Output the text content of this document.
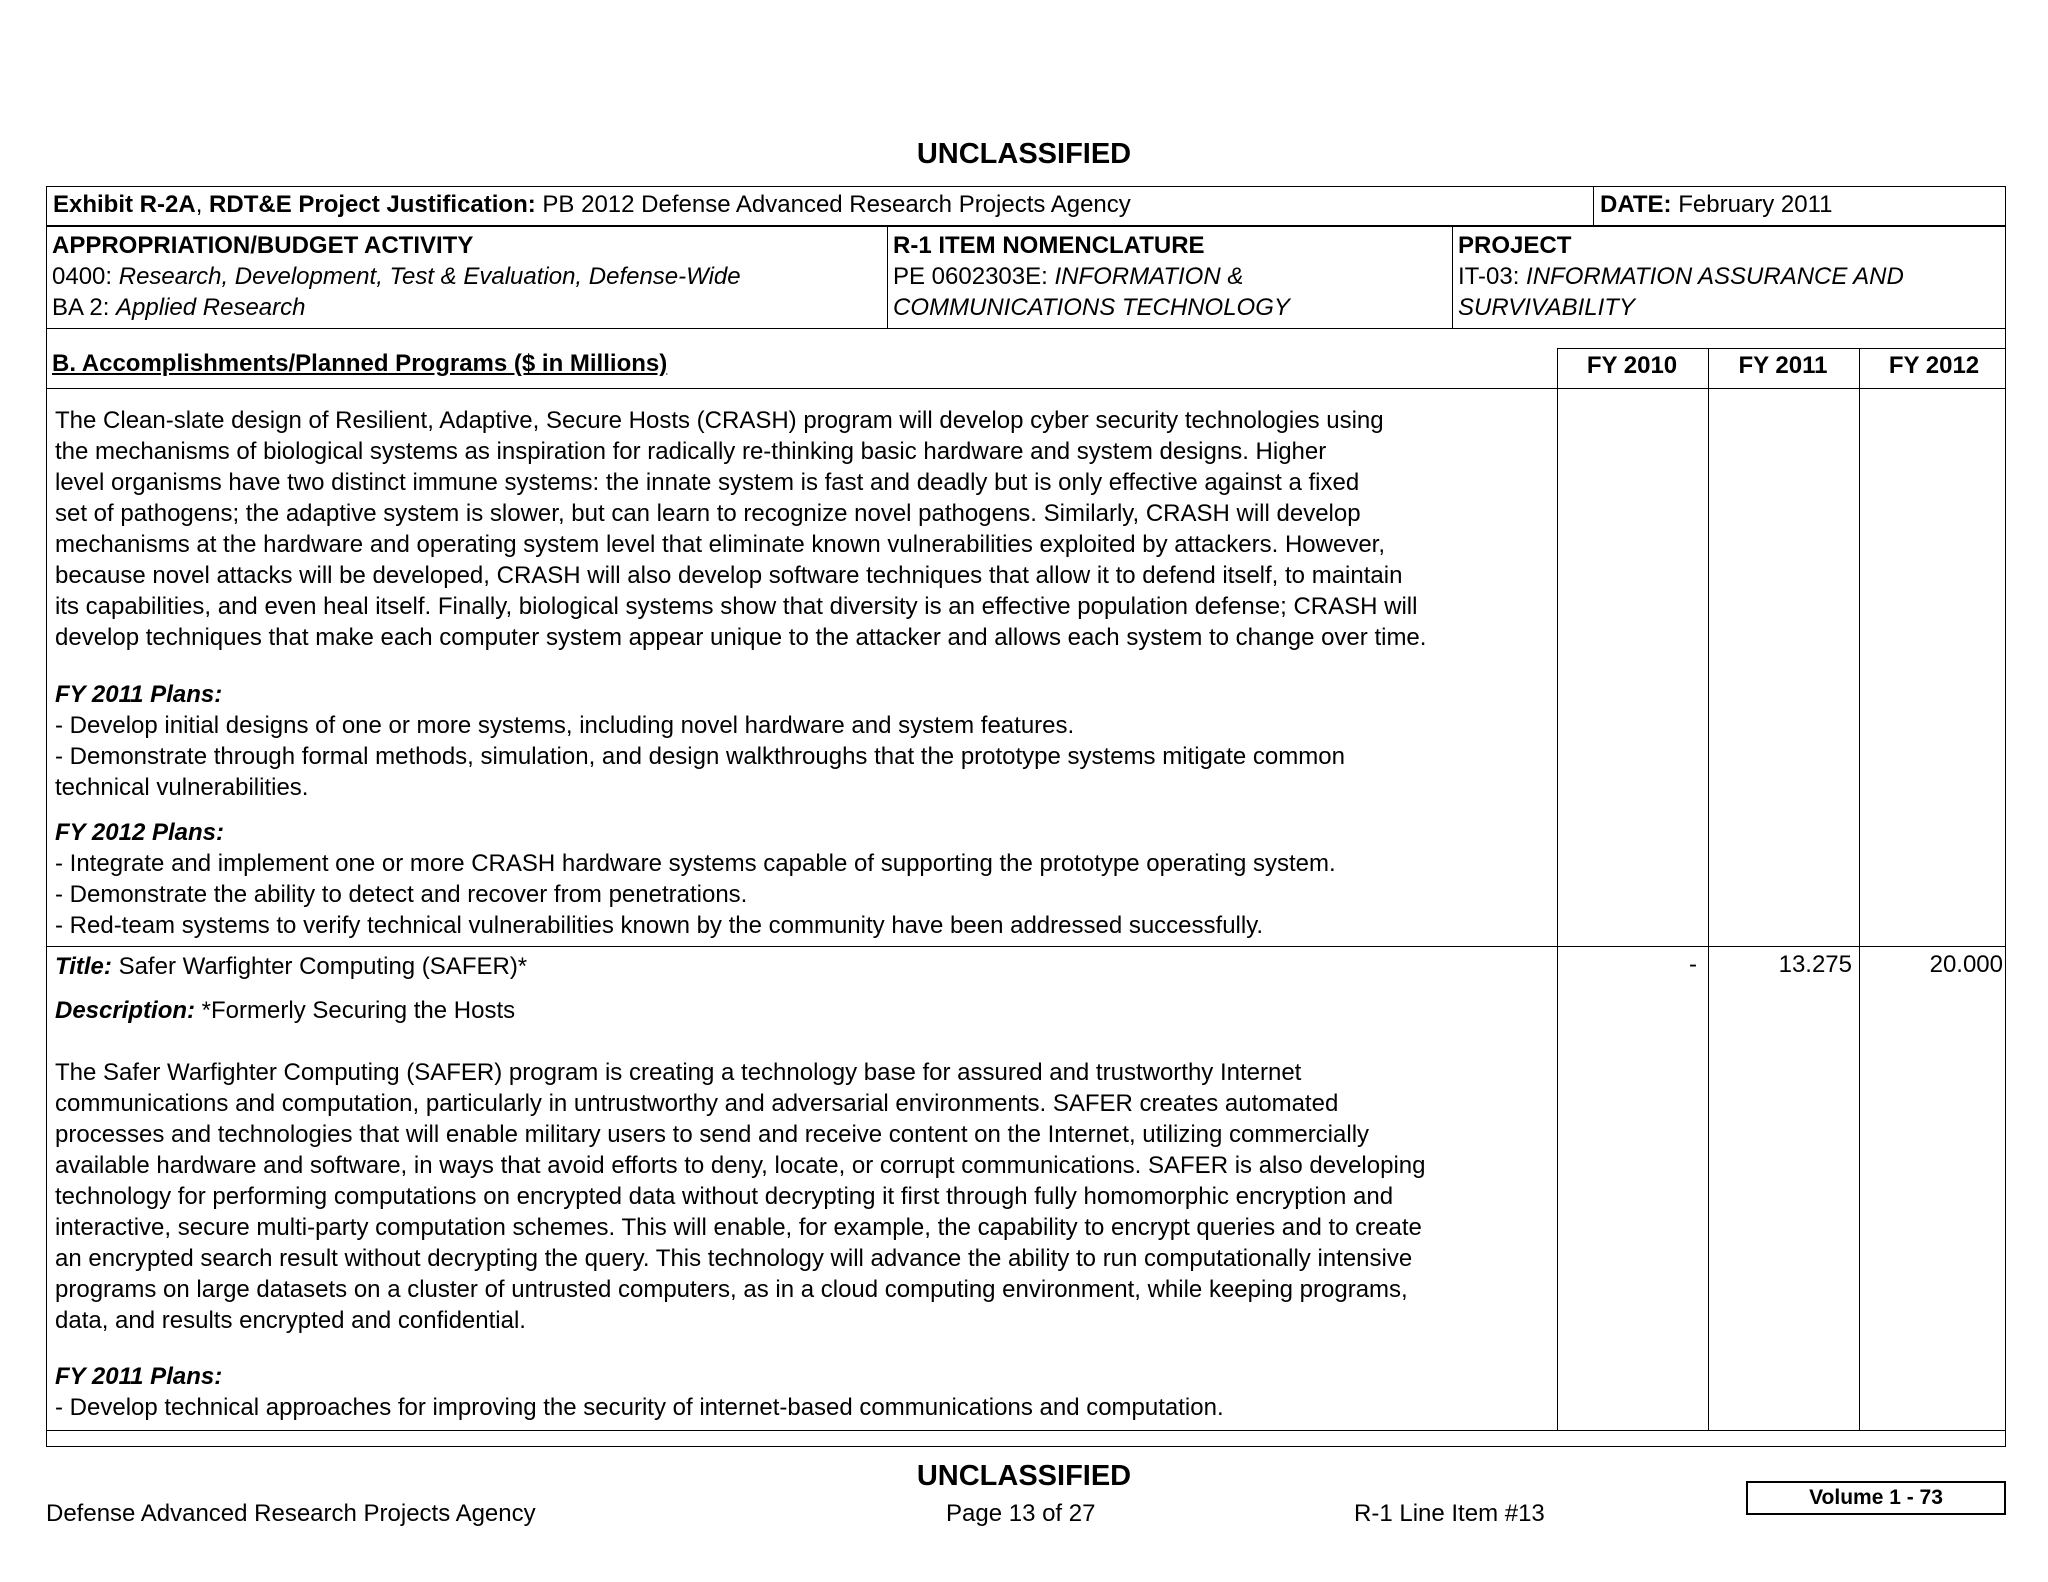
UNCLASSIFIED
Exhibit R-2A, RDT&E Project Justification: PB 2012 Defense Advanced Research Projects Agency	DATE: February 2011
APPROPRIATION/BUDGET ACTIVITY
0400: Research, Development, Test & Evaluation, Defense-Wide
BA 2: Applied Research
R-1 ITEM NOMENCLATURE
PE 0602303E: INFORMATION &
COMMUNICATIONS TECHNOLOGY
PROJECT
IT-03: INFORMATION ASSURANCE AND
SURVIVABILITY
B. Accomplishments/Planned Programs ($ in Millions)	FY 2010	FY 2011	FY 2012

The Clean-slate design of Resilient, Adaptive, Secure Hosts (CRASH) program will develop cyber security technologies using

the mechanisms of biological systems as inspiration for radically re-thinking basic hardware and system designs. Higher

level organisms have two distinct immune systems: the innate system is fast and deadly but is only effective against a fixed

set of pathogens; the adaptive system is slower, but can learn to recognize novel pathogens. Similarly, CRASH will develop

mechanisms at the hardware and operating system level that eliminate known vulnerabilities exploited by attackers. However,

because novel attacks will be developed, CRASH will also develop software techniques that allow it to defend itself, to maintain

its capabilities, and even heal itself. Finally, biological systems show that diversity is an effective population defense; CRASH will

develop techniques that make each computer system appear unique to the attacker and allows each system to change over time.

FY 2011 Plans:

- Develop initial designs of one or more systems, including novel hardware and system features.
- Demonstrate through formal methods, simulation, and design walkthroughs that the prototype systems mitigate common
technical vulnerabilities.

FY 2012 Plans:

- Integrate and implement one or more CRASH hardware systems capable of supporting the prototype operating system.
- Demonstrate the ability to detect and recover from penetrations.
- Red-team systems to verify technical vulnerabilities known by the community have been addressed successfully.

Title: Safer Warfighter Computing (SAFER)*	-	13.275	20.000

Description: *Formerly Securing the Hosts

The Safer Warfighter Computing (SAFER) program is creating a technology base for assured and trustworthy Internet

communications and computation, particularly in untrustworthy and adversarial environments. SAFER creates automated

processes and technologies that will enable military users to send and receive content on the Internet, utilizing commercially

available hardware and software, in ways that avoid efforts to deny, locate, or corrupt communications. SAFER is also developing

technology for performing computations on encrypted data without decrypting it first through fully homomorphic encryption and

interactive, secure multi-party computation schemes. This will enable, for example, the capability to encrypt queries and to create

an encrypted search result without decrypting the query. This technology will advance the ability to run computationally intensive

programs on large datasets on a cluster of untrusted computers, as in a cloud computing environment, while keeping programs,

data, and results encrypted and confidential.

FY 2011 Plans:

- Develop technical approaches for improving the security of internet-based communications and computation.
UNCLASSIFIED
Defense Advanced Research Projects Agency	Page 13 of 27	R-1 Line Item #13
Volume 1 - 73
